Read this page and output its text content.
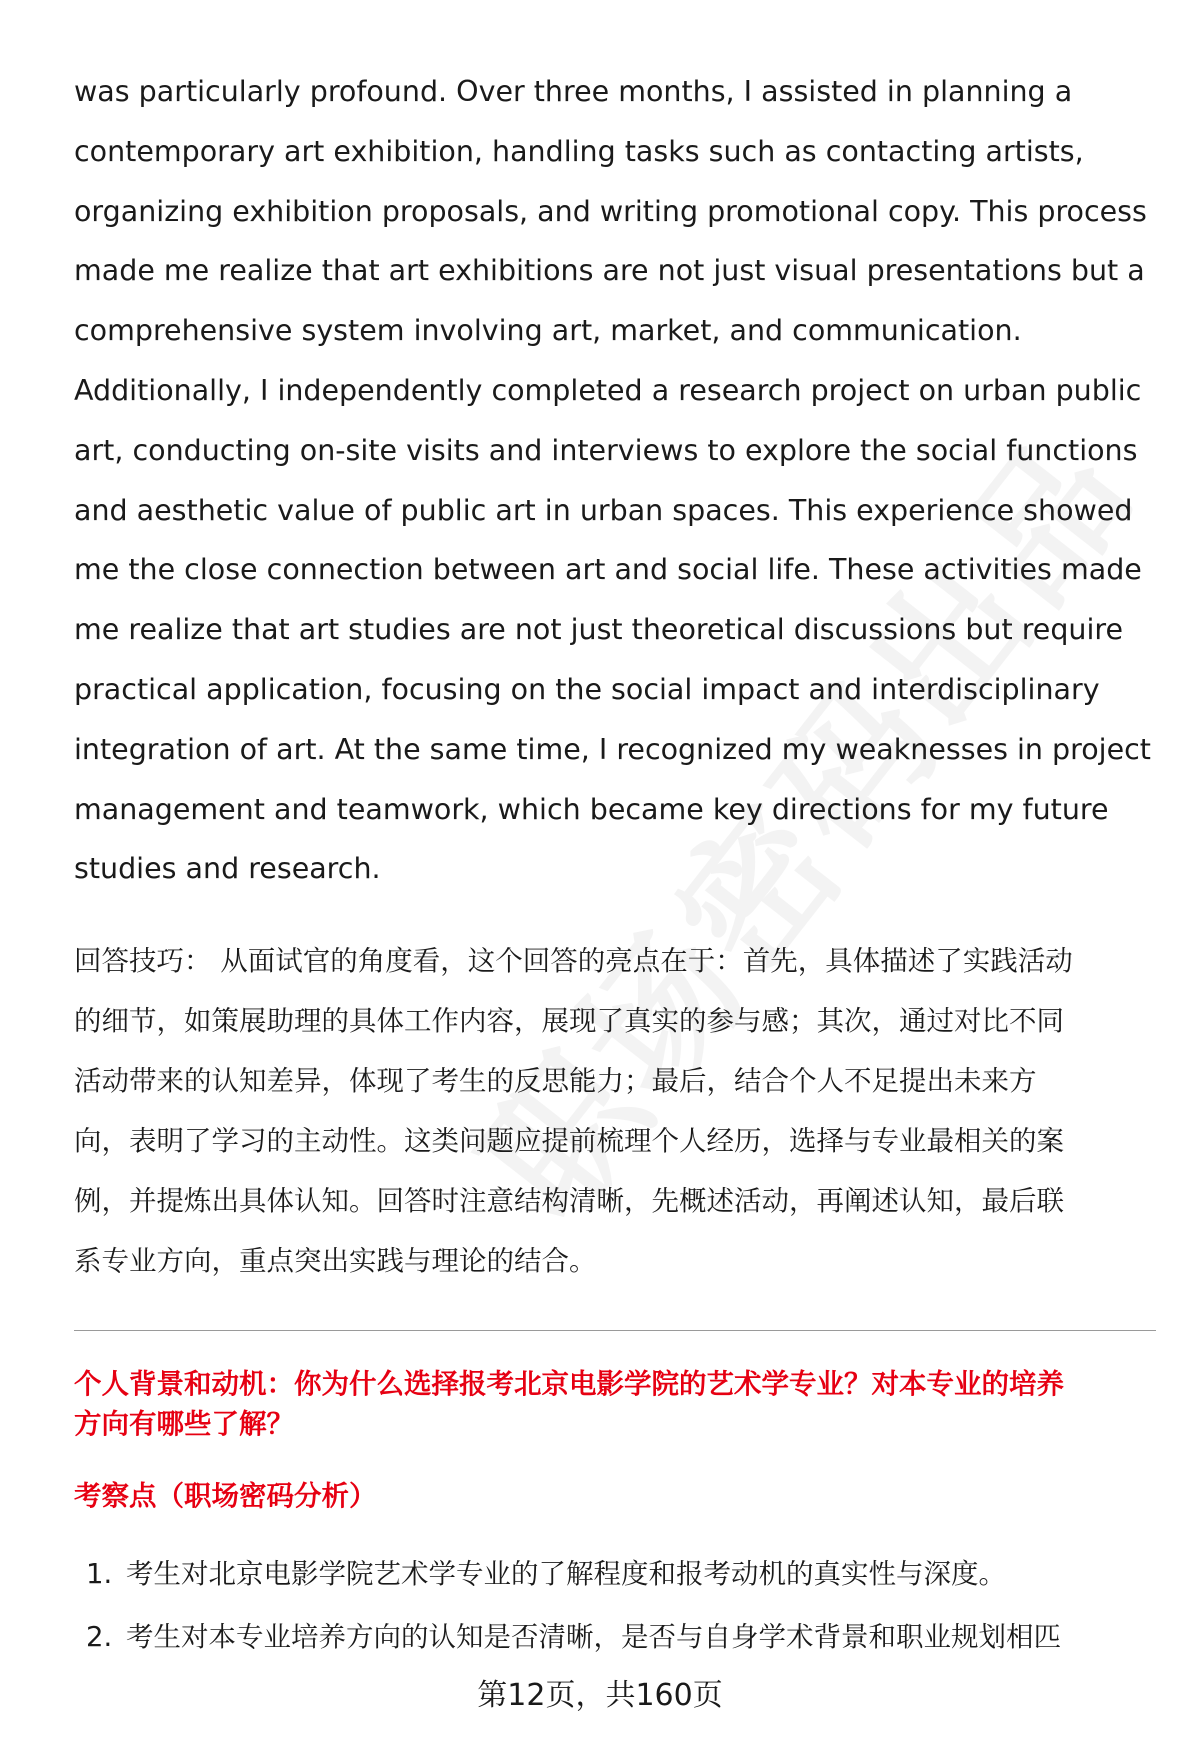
was particularly profound. Over three months, I assisted in planning a
contemporary art exhibition, handling tasks such as contacting artists,
organizing exhibition proposals, and writing promotional copy. This process
made me realize that art exhibitions are not just visual presentations but a
comprehensive system involving art, market, and communication.
Additionally, I independently completed a research project on urban public
art, conducting on-site visits and interviews to explore the social functions
and aesthetic value of public art in urban spaces. This experience showed
me the close connection between art and social life. These activities made
me realize that art studies are not just theoretical discussions but require
practical application, focusing on the social impact and interdisciplinary
integration of art. At the same time, I recognized my weaknesses in project
management and teamwork, which became key directions for my future
studies and research.

回答技巧： 从面试官的角度看，这个回答的亮点在于：首先，具体描述了实践活动
的细节，如策展助理的具体工作内容，展现了真实的参与感；其次，通过对比不同
活动带来的认知差异，体现了考生的反思能力；最后，结合个人不足提出未来方
向，表明了学习的主动性。这类问题应提前梳理个人经历，选择与专业最相关的案
例，并提炼出具体认知。回答时注意结构清晰，先概述活动，再阐述认知，最后联
系专业方向，重点突出实践与理论的结合。

个人背景和动机：你为什么选择报考北京电影学院的艺术学专业？对本专业的培养
方向有哪些了解？

考察点（职场密码分析）

1. 考生对北京电影学院艺术学专业的了解程度和报考动机的真实性与深度。
2. 考生对本专业培养方向的认知是否清晰，是否与自身学术背景和职业规划相匹
第12页，共160页
